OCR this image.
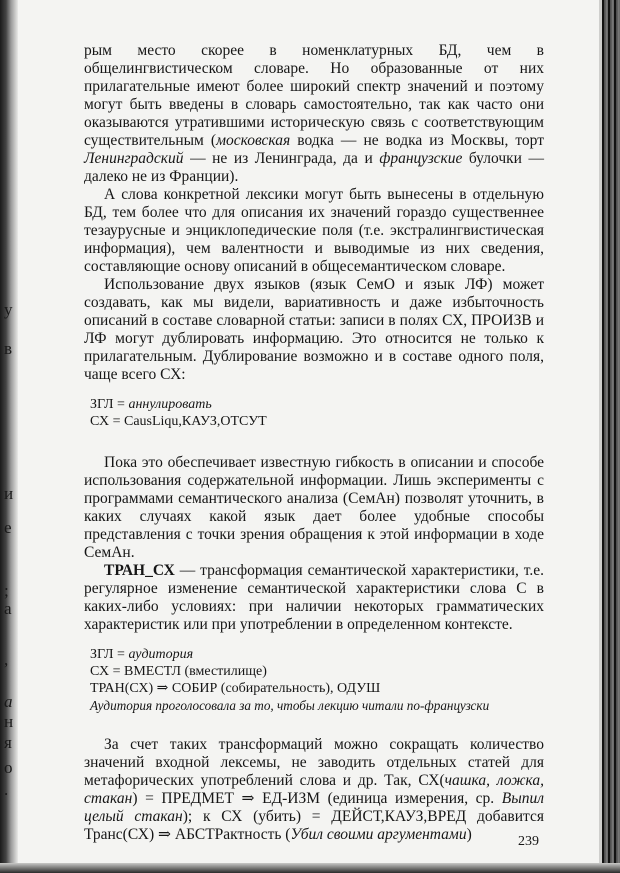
у
в
и
е
;
а
,
а
н
я
о
.

рым место скорее в номенклатурных БД, чем в общелингвистическом словаре. Но образованные от них прилагательные имеют более широкий спектр значений и поэтому могут быть введены в словарь самостоятельно, так как часто они оказываются утратившими историческую связь с соответствующим существительным (московская водка — не водка из Москвы, торт Ленинградский — не из Ленинграда, да и французские булочки — далеко не из Франции).

А слова конкретной лексики могут быть вынесены в отдельную БД, тем более что для описания их значений гораздо существеннее тезаурусные и энциклопедические поля (т.е. экстралингвистическая информация), чем валентности и выводимые из них сведения, составляющие основу описаний в общесемантическом словаре.

Использование двух языков (язык СемО и язык ЛФ) может создавать, как мы видели, вариативность и даже избыточность описаний в составе словарной статьи: записи в полях СХ, ПРОИЗВ и ЛФ могут дублировать информацию. Это относится не только к прилагательным. Дублирование возможно и в составе одного поля, чаще всего СХ:

ЗГЛ = аннулировать
СХ = CausLiqu,КАУЗ,ОТСУТ

Пока это обеспечивает известную гибкость в описании и способе использования содержательной информации. Лишь эксперименты с программами семантического анализа (СемАн) позволят уточнить, в каких случаях какой язык дает более удобные способы представления с точки зрения обращения к этой информации в ходе СемАн.

ТРАН_СХ — трансформация семантической характеристики, т.е. регулярное изменение семантической характеристики слова С в каких-либо условиях: при наличии некоторых грамматических характеристик или при употреблении в определенном контексте.

ЗГЛ = аудитория
СХ = ВМЕСТЛ (вместилище)
ТРАН(СХ) ⇒ СОБИР (собирательность), ОДУШ
Аудитория проголосовала за то, чтобы лекцию читали по-французски

За счет таких трансформаций можно сокращать количество значений входной лексемы, не заводить отдельных статей для метафорических употреблений слова и др. Так, СХ(чашка, ложка, стакан) = ПРЕДМЕТ ⇒ ЕД-ИЗМ (единица измерения, ср. Выпил целый стакан); к СХ (убить) = ДЕЙСТ,КАУЗ,ВРЕД добавится Транс(СХ) ⇒ АБСТРактность (Убил своими аргументами)	239
